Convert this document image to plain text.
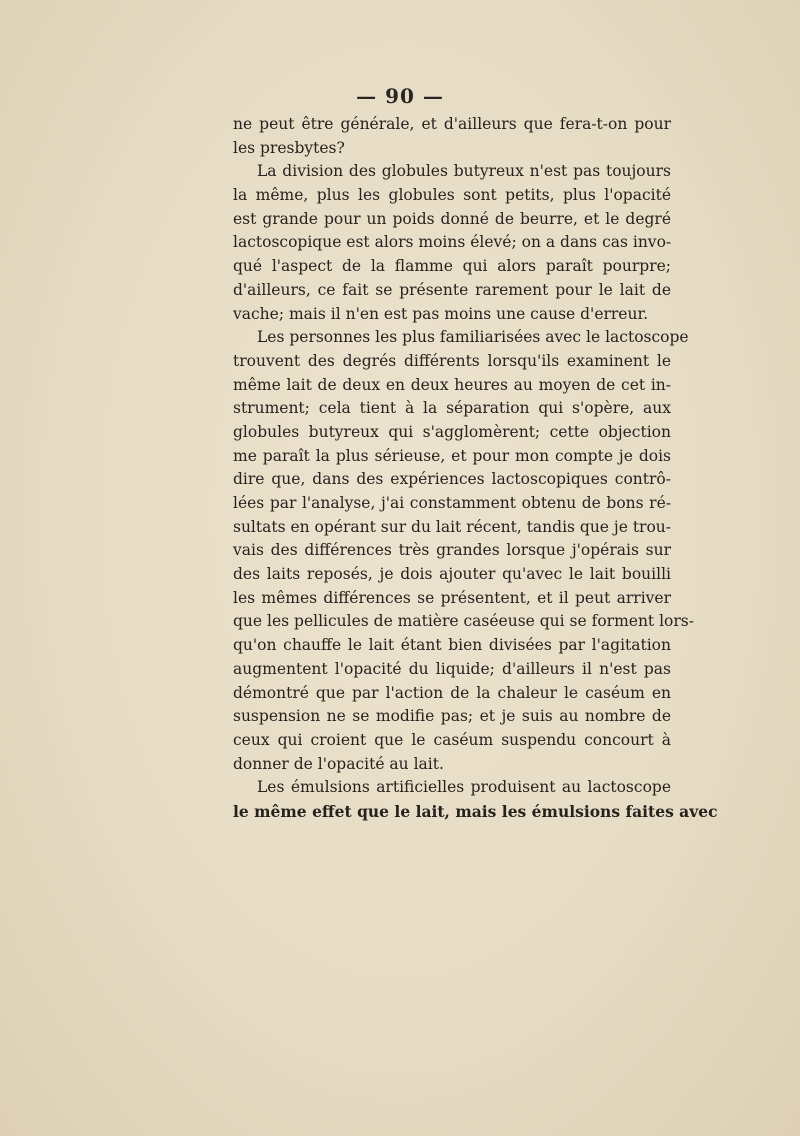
— 90 —
ne peut être générale, et d'ailleurs que fera-t-on pour
les presbytes?
La division des globules butyreux n'est pas toujours
la même, plus les globules sont petits, plus l'opacité
est grande pour un poids donné de beurre, et le degré
lactoscopique est alors moins élevé; on a dans cas invo-
qué l'aspect de la flamme qui alors paraît pourpre;
d'ailleurs, ce fait se présente rarement pour le lait de
vache; mais il n'en est pas moins une cause d'erreur.
Les personnes les plus familiarisées avec le lactoscope
trouvent des degrés différents lorsqu'ils examinent le
même lait de deux en deux heures au moyen de cet in-
strument; cela tient à la séparation qui s'opère, aux
globules butyreux qui s'agglomèrent; cette objection
me paraît la plus sérieuse, et pour mon compte je dois
dire que, dans des expériences lactoscopiques contrô-
lées par l'analyse, j'ai constamment obtenu de bons ré-
sultats en opérant sur du lait récent, tandis que je trou-
vais des différences très grandes lorsque j'opérais sur
des laits reposés, je dois ajouter qu'avec le lait bouilli
les mêmes différences se présentent, et il peut arriver
que les pellicules de matière caséeuse qui se forment lors-
qu'on chauffe le lait étant bien divisées par l'agitation
augmentent l'opacité du liquide; d'ailleurs il n'est pas
démontré que par l'action de la chaleur le caséum en
suspension ne se modifie pas; et je suis au nombre de
ceux qui croient que le caséum suspendu concourt à
donner de l'opacité au lait.
Les émulsions artificielles produisent au lactoscope
le même effet que le lait, mais les émulsions faites avec
